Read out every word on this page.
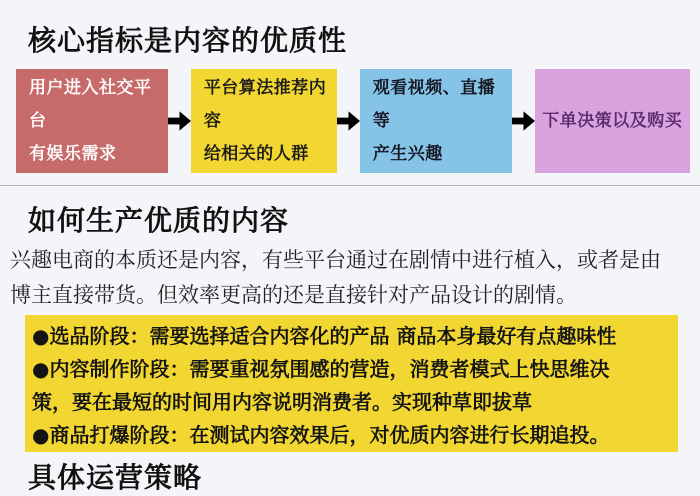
核心指标是内容的优质性
用户进入社交平台
有娱乐需求
平台算法推荐内容
给相关的人群
观看视频、直播等
产生兴趣
下单决策以及购买
如何生产优质的内容
兴趣电商的本质还是内容，有些平台通过在剧情中进行植入，或者是由
博主直接带货。但效率更高的还是直接针对产品设计的剧情。
●选品阶段：需要选择适合内容化的产品 商品本身最好有点趣味性
●内容制作阶段：需要重视氛围感的营造，消费者模式上快思维决
策，要在最短的时间用内容说明消费者。实现种草即拔草
●商品打爆阶段：在测试内容效果后，对优质内容进行长期追投。
具体运营策略
